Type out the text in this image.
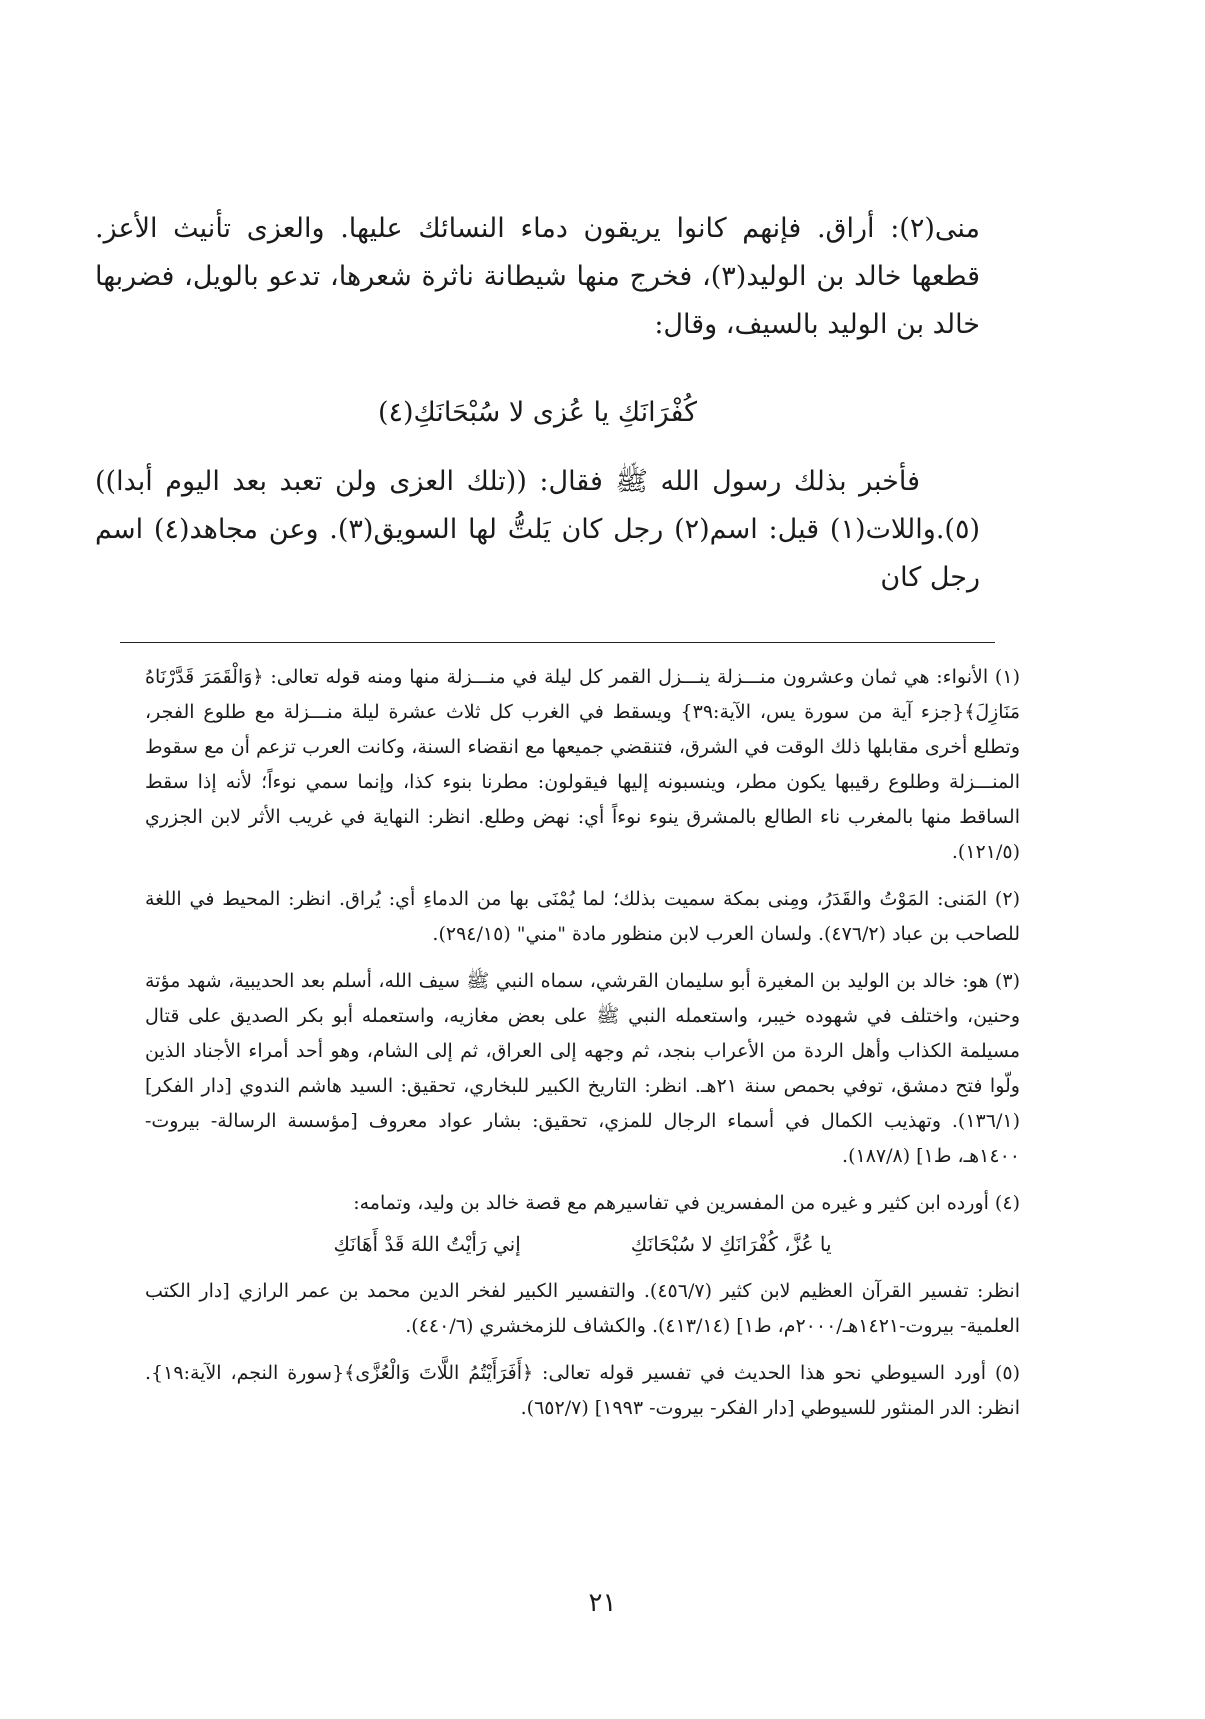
منى(٢): أراق. فإنهم كانوا يريقون دماء النسائك عليها. والعزى تأنيث الأعز. قطعها خالد بن الوليد(٣)، فخرج منها شيطانة ناثرة شعرها، تدعو بالويل، فضربها خالد بن الوليد بالسيف، وقال:

كُفْرَانَكِ يا عُزى لا سُبْحَانَكِ(٤)

فأخبر بذلك رسول الله ﷺ فقال: ((تلك العزى ولن تعبد بعد اليوم أبدا))(٥).واللات(١) قيل: اسم(٢) رجل كان يَلتُّ لها السويق(٣). وعن مجاهد(٤) اسم رجل كان

(١) الأنواء: هي ثمان وعشرون منـــزلة ينـــزل القمر كل ليلة في منـــزلة منها ومنه قوله تعالى: ﴿وَالْقَمَرَ قَدَّرْنَاهُ مَنَازِلَ﴾{جزء آية من سورة يس، الآية:٣٩} ويسقط في الغرب كل ثلاث عشرة ليلة منـــزلة مع طلوع الفجر، وتطلع أخرى مقابلها ذلك الوقت في الشرق، فتنقضي جميعها مع انقضاء السنة، وكانت العرب تزعم أن مع سقوط المنـــزلة وطلوع رقيبها يكون مطر، وينسبونه إليها فيقولون: مطرنا بنوء كذا، وإنما سمي نوءاً؛ لأنه إذا سقط الساقط منها بالمغرب ناء الطالع بالمشرق ينوء نوءاً أي: نهض وطلع. انظر: النهاية في غريب الأثر لابن الجزري (١٢١/٥).

(٢) المَنى: المَوْتُ والقَدَرُ، ومِنى بمكة سميت بذلك؛ لما يُمْنَى بها من الدماءِ أي: يُراق. انظر: المحيط في اللغة للصاحب بن عباد (٤٧٦/٢). ولسان العرب لابن منظور مادة "مني" (٢٩٤/١٥).

(٣) هو: خالد بن الوليد بن المغيرة أبو سليمان القرشي، سماه النبي ﷺ سيف الله، أسلم بعد الحديبية، شهد مؤتة وحنين، واختلف في شهوده خيبر، واستعمله النبي ﷺ على بعض مغازيه، واستعمله أبو بكر الصديق على قتال مسيلمة الكذاب وأهل الردة من الأعراب بنجد، ثم وجهه إلى العراق، ثم إلى الشام، وهو أحد أمراء الأجناد الذين ولّوا فتح دمشق، توفي بحمص سنة ٢١هـ. انظر: التاريخ الكبير للبخاري، تحقيق: السيد هاشم الندوي [دار الفكر] (١٣٦/١). وتهذيب الكمال في أسماء الرجال للمزي، تحقيق: بشار عواد معروف [مؤسسة الرسالة- بيروت- ١٤٠٠هـ، ط١] (١٨٧/٨).

(٤) أورده ابن كثير و غيره من المفسرين في تفاسيرهم مع قصة خالد بن وليد، وتمامه:

يا عُزَّ، كُفْرَانَكِ لا سُبْحَانَكِ
إني رَأيْتُ اللهَ قَدْ أَهَانَكِ

انظر: تفسير القرآن العظيم لابن كثير (٤٥٦/٧). والتفسير الكبير لفخر الدين محمد بن عمر الرازي [دار الكتب العلمية- بيروت-١٤٢١هـ/٢٠٠٠م، ط١] (٤١٣/١٤). والكشاف للزمخشري (٤٤٠/٦).

(٥) أورد السيوطي نحو هذا الحديث في تفسير قوله تعالى: ﴿أَفَرَأَيْتُمُ اللَّاتَ وَالْعُزَّى﴾{سورة النجم، الآية:١٩}. انظر: الدر المنثور للسيوطي [دار الفكر- بيروت- ١٩٩٣] (٦٥٢/٧).

٢١
